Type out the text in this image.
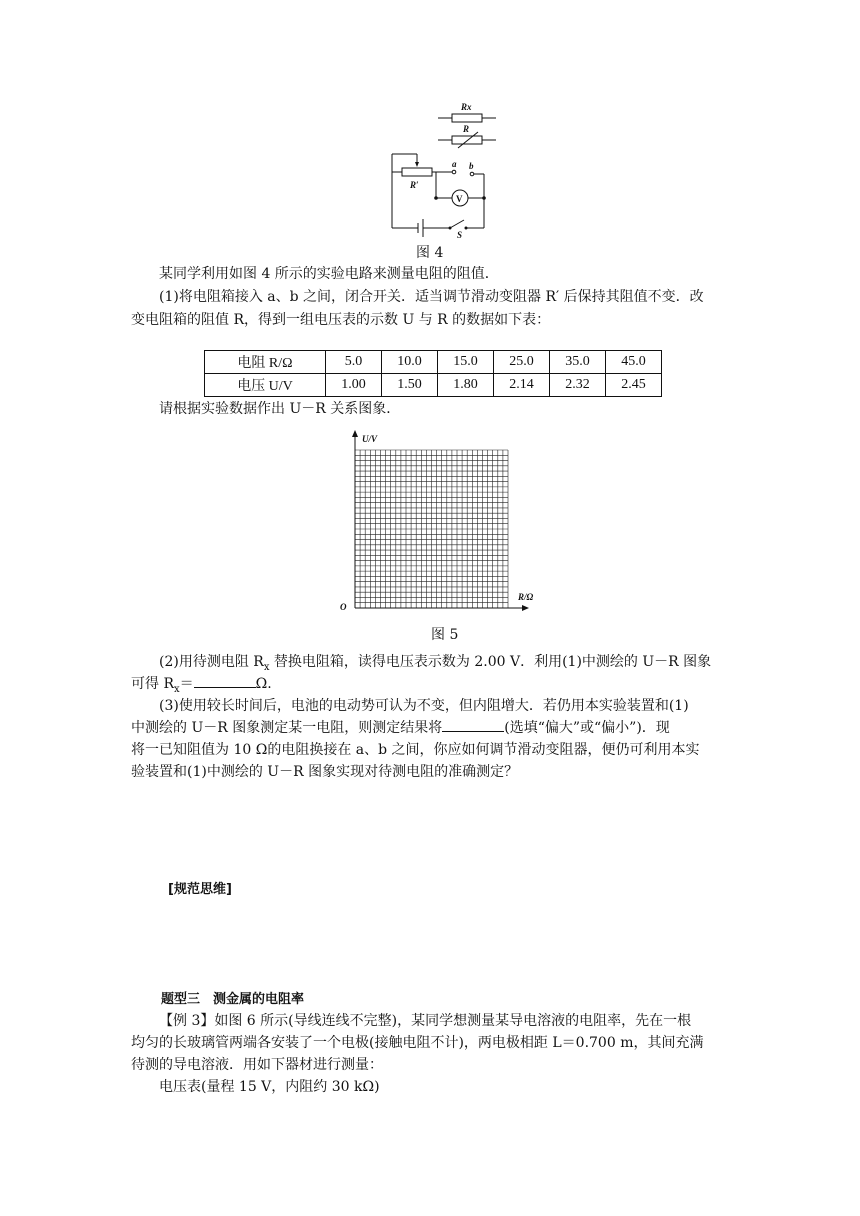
Rx
R
R′
a b
V
S
图 4
某同学利用如图 4 所示的实验电路来测量电阻的阻值．
(1)将电阻箱接入 a、b 之间，闭合开关．适当调节滑动变阻器 R′ 后保持其阻值不变．改
变电阻箱的阻值 R，得到一组电压表的示数 U 与 R 的数据如下表：
电阻 R/Ω	5.0	10.0	15.0	25.0	35.0	45.0
电压 U/V	1.00	1.50	1.80	2.14	2.32	2.45
请根据实验数据作出 U－R 关系图象．
U/V
R/Ω
O
图 5
(2)用待测电阻 $R_x$ 替换电阻箱，读得电压表示数为 2.00 V．利用(1)中测绘的 U－R 图象
可得 $R_x=$	Ω.
(3)使用较长时间后，电池的电动势可认为不变，但内阻增大．若仍用本实验装置和(1)
中测绘的 U－R 图象测定某一电阻，则测定结果将	(选填“偏大”或“偏小”)．现
将一已知阻值为 10 Ω的电阻换接在 a、b 之间，你应如何调节滑动变阻器，便仍可利用本实
验装置和(1)中测绘的 U－R 图象实现对待测电阻的准确测定？
[规范思维]
题型三　测金属的电阻率
【例 3】如图 6 所示(导线连线不完整)，某同学想测量某导电溶液的电阻率，先在一根
均匀的长玻璃管两端各安装了一个电极(接触电阻不计)，两电极相距 L＝0.700 m，其间充满
待测的导电溶液．用如下器材进行测量：
电压表(量程 15 V，内阻约 30 kΩ)
